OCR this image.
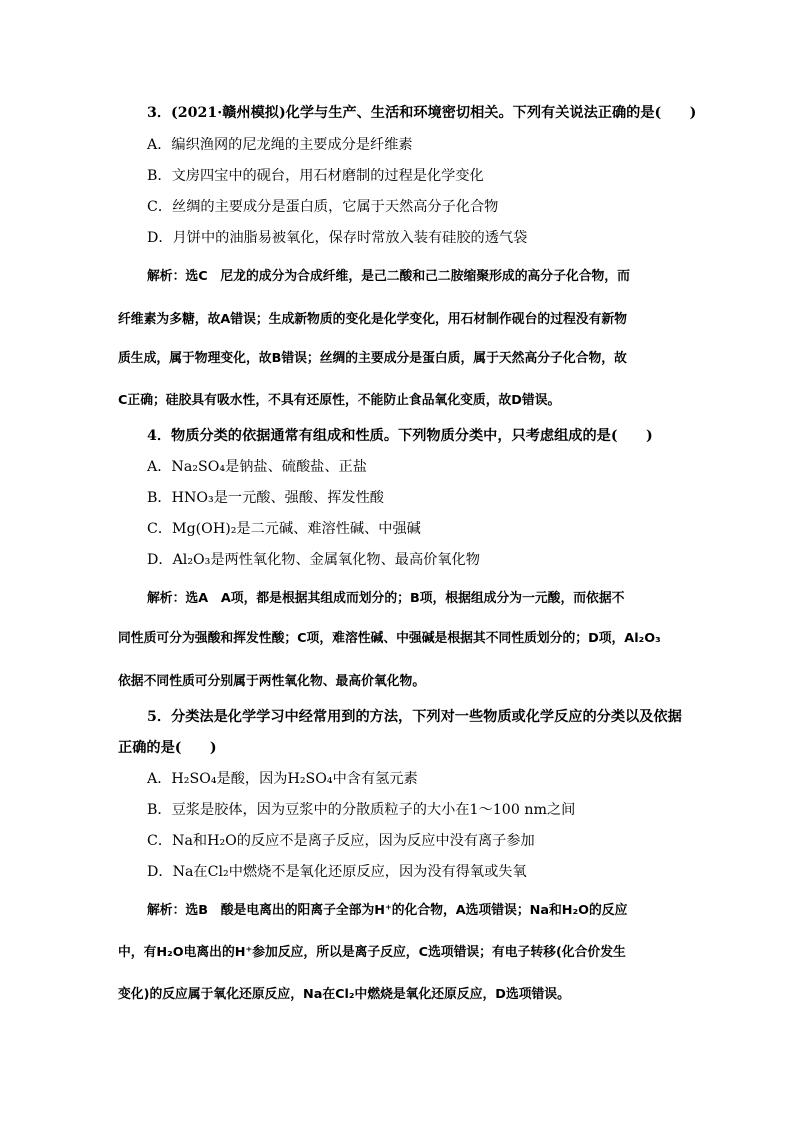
3．(2021·赣州模拟)化学与生产、生活和环境密切相关。下列有关说法正确的是(　　)
A．编织渔网的尼龙绳的主要成分是纤维素
B．文房四宝中的砚台，用石材磨制的过程是化学变化
C．丝绸的主要成分是蛋白质，它属于天然高分子化合物
D．月饼中的油脂易被氧化，保存时常放入装有硅胶的透气袋
解析：选C　尼龙的成分为合成纤维，是己二酸和己二胺缩聚形成的高分子化合物，而
纤维素为多糖，故A错误；生成新物质的变化是化学变化，用石材制作砚台的过程没有新物
质生成，属于物理变化，故B错误；丝绸的主要成分是蛋白质，属于天然高分子化合物，故
C正确；硅胶具有吸水性，不具有还原性，不能防止食品氧化变质，故D错误。
4．物质分类的依据通常有组成和性质。下列物质分类中，只考虑组成的是(　　)
A．Na₂SO₄是钠盐、硫酸盐、正盐
B．HNO₃是一元酸、强酸、挥发性酸
C．Mg(OH)₂是二元碱、难溶性碱、中强碱
D．Al₂O₃是两性氧化物、金属氧化物、最高价氧化物
解析：选A　A项，都是根据其组成而划分的；B项，根据组成分为一元酸，而依据不
同性质可分为强酸和挥发性酸；C项，难溶性碱、中强碱是根据其不同性质划分的；D项，Al₂O₃
依据不同性质可分别属于两性氧化物、最高价氧化物。
5．分类法是化学学习中经常用到的方法，下列对一些物质或化学反应的分类以及依据
正确的是(　　)
A．H₂SO₄是酸，因为H₂SO₄中含有氢元素
B．豆浆是胶体，因为豆浆中的分散质粒子的大小在1～100 nm之间
C．Na和H₂O的反应不是离子反应，因为反应中没有离子参加
D．Na在Cl₂中燃烧不是氧化还原反应，因为没有得氧或失氧
解析：选B　酸是电离出的阳离子全部为H⁺的化合物，A选项错误；Na和H₂O的反应
中，有H₂O电离出的H⁺参加反应，所以是离子反应，C选项错误；有电子转移(化合价发生
变化)的反应属于氧化还原反应，Na在Cl₂中燃烧是氧化还原反应，D选项错误。
